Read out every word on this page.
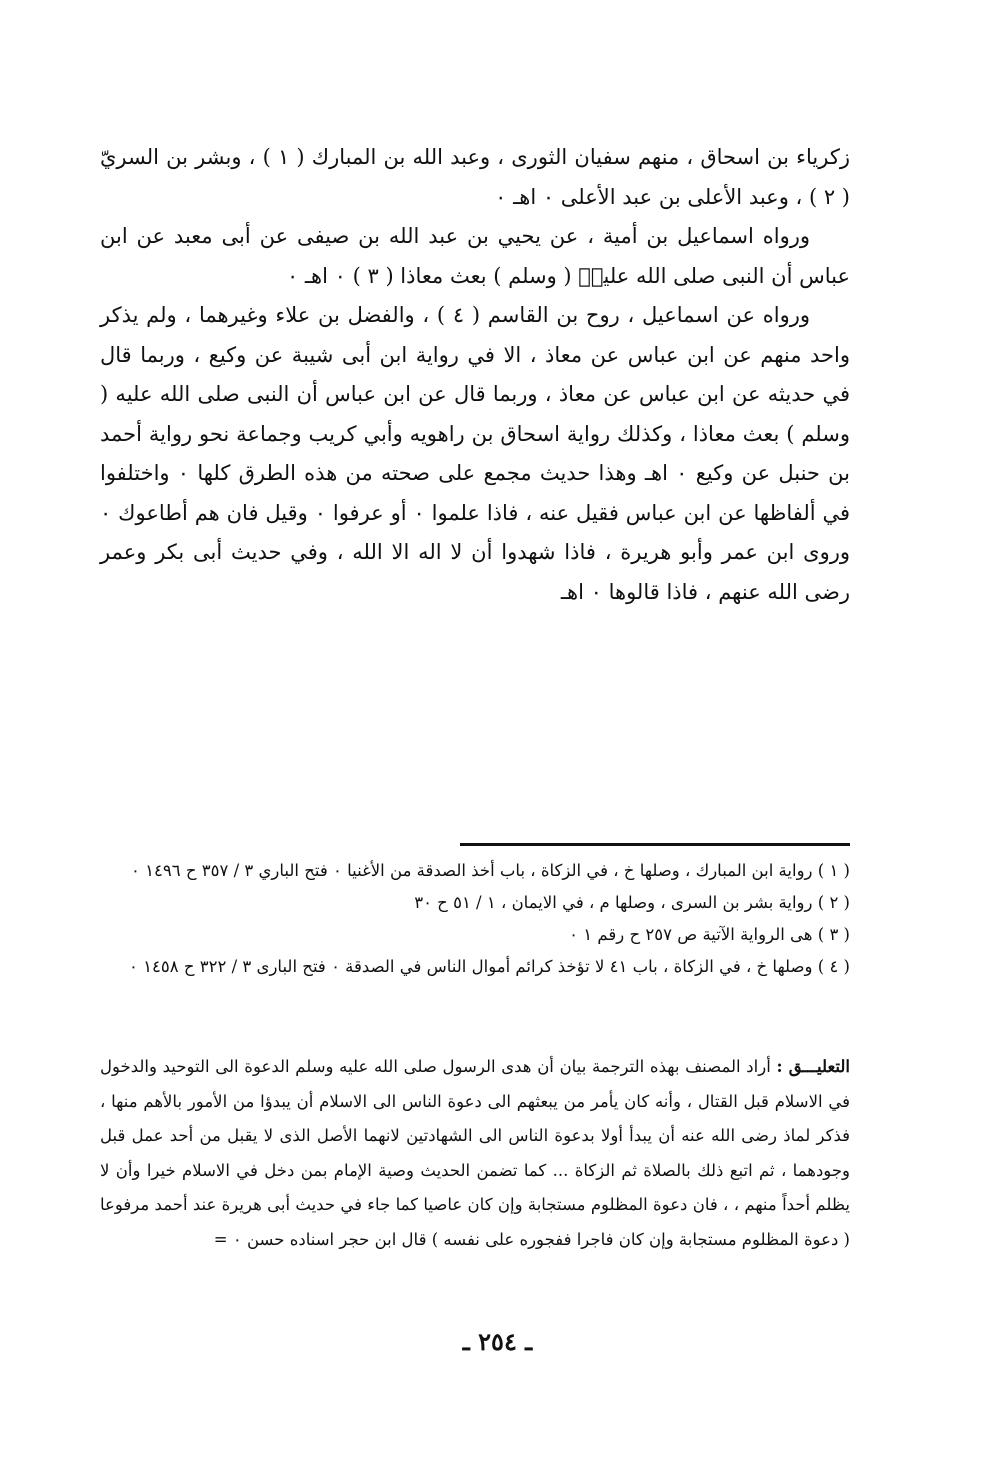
زكرياء بن اسحاق ، منهم سفيان الثورى ، وعبد الله بن المبارك ( ١ ) ، وبشر بن السريّ ( ٢ ) ، وعبد الأعلى بن عبد الأعلى ٠ اهـ ٠

ورواه اسماعيل بن أمية ، عن يحيي بن عبد الله بن صيفى عن أبى معبد عن ابن عباس أن النبى صلى الله عليهٖ ( وسلم ) بعث معاذا ( ٣ ) ٠ اهـ ٠

ورواه عن اسماعيل ، روح بن القاسم ( ٤ ) ، والفضل بن علاء وغيرهما ، ولم يذكر واحد منهم عن ابن عباس عن معاذ ، الا في رواية ابن أبى شيبة عن وكيع ، وربما قال في حديثه عن ابن عباس عن معاذ ، وربما قال عن ابن عباس أن النبى صلى الله عليه ( وسلم ) بعث معاذا ، وكذلك رواية اسحاق بن راهويه وأبي كريب وجماعة نحو رواية أحمد بن حنبل عن وكيع ٠ اهـ وهذا حديث مجمع على صحته من هذه الطرق كلها ٠ واختلفوا في ألفاظها عن ابن عباس فقيل عنه ، فاذا علموا ٠ أو عرفوا ٠ وقيل فان هم أطاعوك ٠ وروى ابن عمر وأبو هريرة ، فاذا شهدوا أن لا اله الا الله ، وفي حديث أبى بكر وعمر رضى الله عنهم ، فاذا قالوها ٠ اهـ

( ١ ) رواية ابن المبارك ، وصلها خ ، في الزكاة ، باب أخذ الصدقة من الأغنيا ٠ فتح الباري ٣ / ٣٥٧ ح ١٤٩٦ ٠

( ٢ ) رواية بشر بن السرى ، وصلها م ، في الايمان ، ١ / ٥١ ح ٣٠

( ٣ ) هى الرواية الآتية ص ٢٥٧ ح رقم ١ ٠

( ٤ ) وصلها خ ، في الزكاة ، باب ٤١ لا تؤخذ كرائم أموال الناس في الصدقة ٠ فتح البارى ٣ / ٣٢٢ ح ١٤٥٨ ٠

التعليـــق : أراد المصنف بهذه الترجمة بيان أن هدى الرسول صلى الله عليه وسلم الدعوة الى التوحيد والدخول في الاسلام قبل القتال ، وأنه كان يأمر من يبعثهم الى دعوة الناس الى الاسلام أن يبدؤا من الأمور بالأهم منها ، فذكر لماذ رضى الله عنه أن يبدأ أولا بدعوة الناس الى الشهادتين لانهما الأصل الذى لا يقبل من أحد عمل قبل وجودهما ، ثم اتبع ذلك بالصلاة ثم الزكاة ... كما تضمن الحديث وصية الإمام بمن دخل في الاسلام خيرا وأن لا يظلم أحداً منهم ، ، فان دعوة المظلوم مستجابة وإن كان عاصيا كما جاء في حديث أبى هريرة عند أحمد مرفوعا ( دعوة المظلوم مستجابة وإن كان فاجرا ففجوره على نفسه ) قال ابن حجر اسناده حسن ٠ =

ـ ٢٥٤ ـ
